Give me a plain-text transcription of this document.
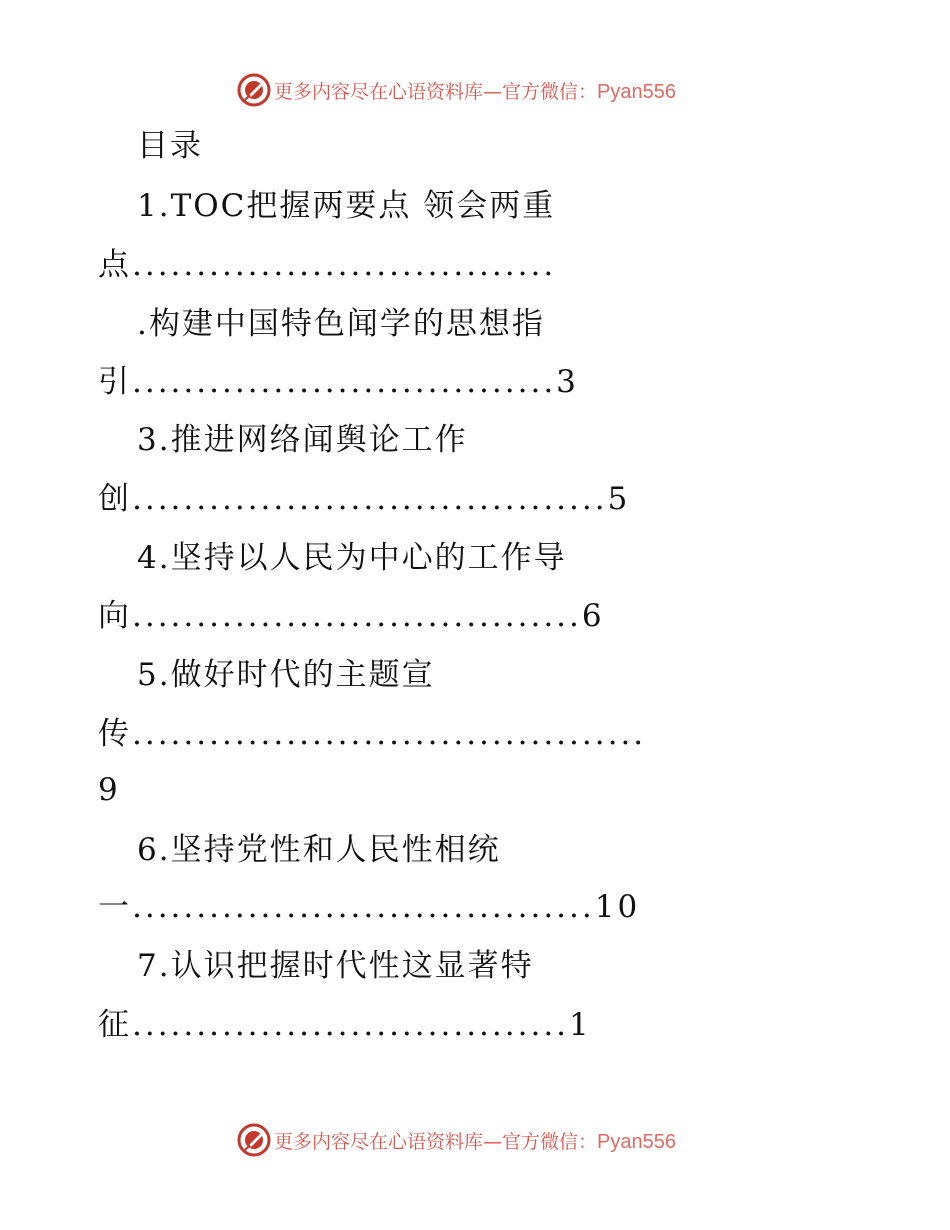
更多内容尽在心语资料库—官方微信：Pyan556
目录
1.TOC把握两要点 领会两重
点.................................
.构建中国特色闻学的思想指
引.................................3
3.推进网络闻舆论工作
创.....................................5
4.坚持以人民为中心的工作导
向...................................6
5.做好时代的主题宣
传........................................
9
6.坚持党性和人民性相统
一....................................10
7.认识把握时代性这显著特
征..................................1
更多内容尽在心语资料库—官方微信：Pyan556
